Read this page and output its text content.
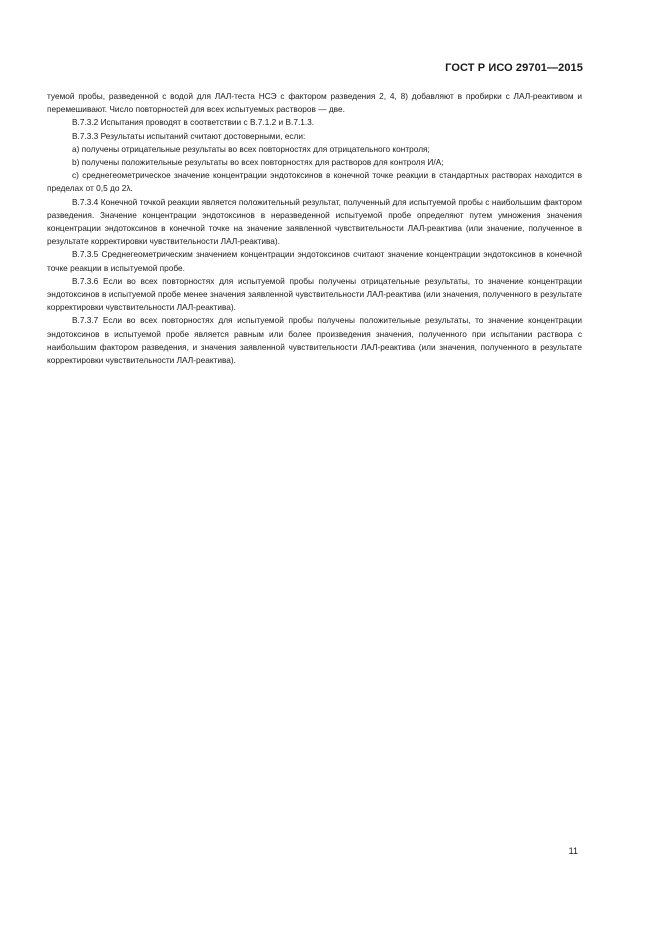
ГОСТ Р ИСО 29701—2015

туемой пробы, разведенной с водой для ЛАЛ-теста НСЭ с фактором разведения 2, 4, 8) добавляют в пробирки с ЛАЛ-реактивом и перемешивают. Число повторностей для всех испытуемых растворов — две.

В.7.3.2 Испытания проводят в соответствии с В.7.1.2 и В.7.1.3.

В.7.3.3 Результаты испытаний считают достоверными, если:

а) получены отрицательные результаты во всех повторностях для отрицательного контроля;

b) получены положительные результаты во всех повторностях для растворов для контроля И/А;

c) среднегеометрическое значение концентрации эндотоксинов в конечной точке реакции в стандартных растворах находится в пределах от 0,5 до 2λ.

В.7.3.4 Конечной точкой реакции является положительный результат, полученный для испытуемой пробы с наибольшим фактором разведения. Значение концентрации эндотоксинов в неразведенной испытуемой пробе определяют путем умножения значения концентрации эндотоксинов в конечной точке на значение заявленной чувствительности ЛАЛ-реактива (или значение, полученное в результате корректировки чувствительности ЛАЛ-реактива).

В.7.3.5 Среднегеометрическим значением концентрации эндотоксинов считают значение концентрации эндотоксинов в конечной точке реакции в испытуемой пробе.

В.7.3.6 Если во всех повторностях для испытуемой пробы получены отрицательные результаты, то значение концентрации эндотоксинов в испытуемой пробе менее значения заявленной чувствительности ЛАЛ-реактива (или значения, полученного в результате корректировки чувствительности ЛАЛ-реактива).

В.7.3.7 Если во всех повторностях для испытуемой пробы получены положительные результаты, то значение концентрации эндотоксинов в испытуемой пробе является равным или более произведения значения, полученного при испытании раствора с наибольшим фактором разведения, и значения заявленной чувствительности ЛАЛ-реактива (или значения, полученного в результате корректировки чувствительности ЛАЛ-реактива).

11
